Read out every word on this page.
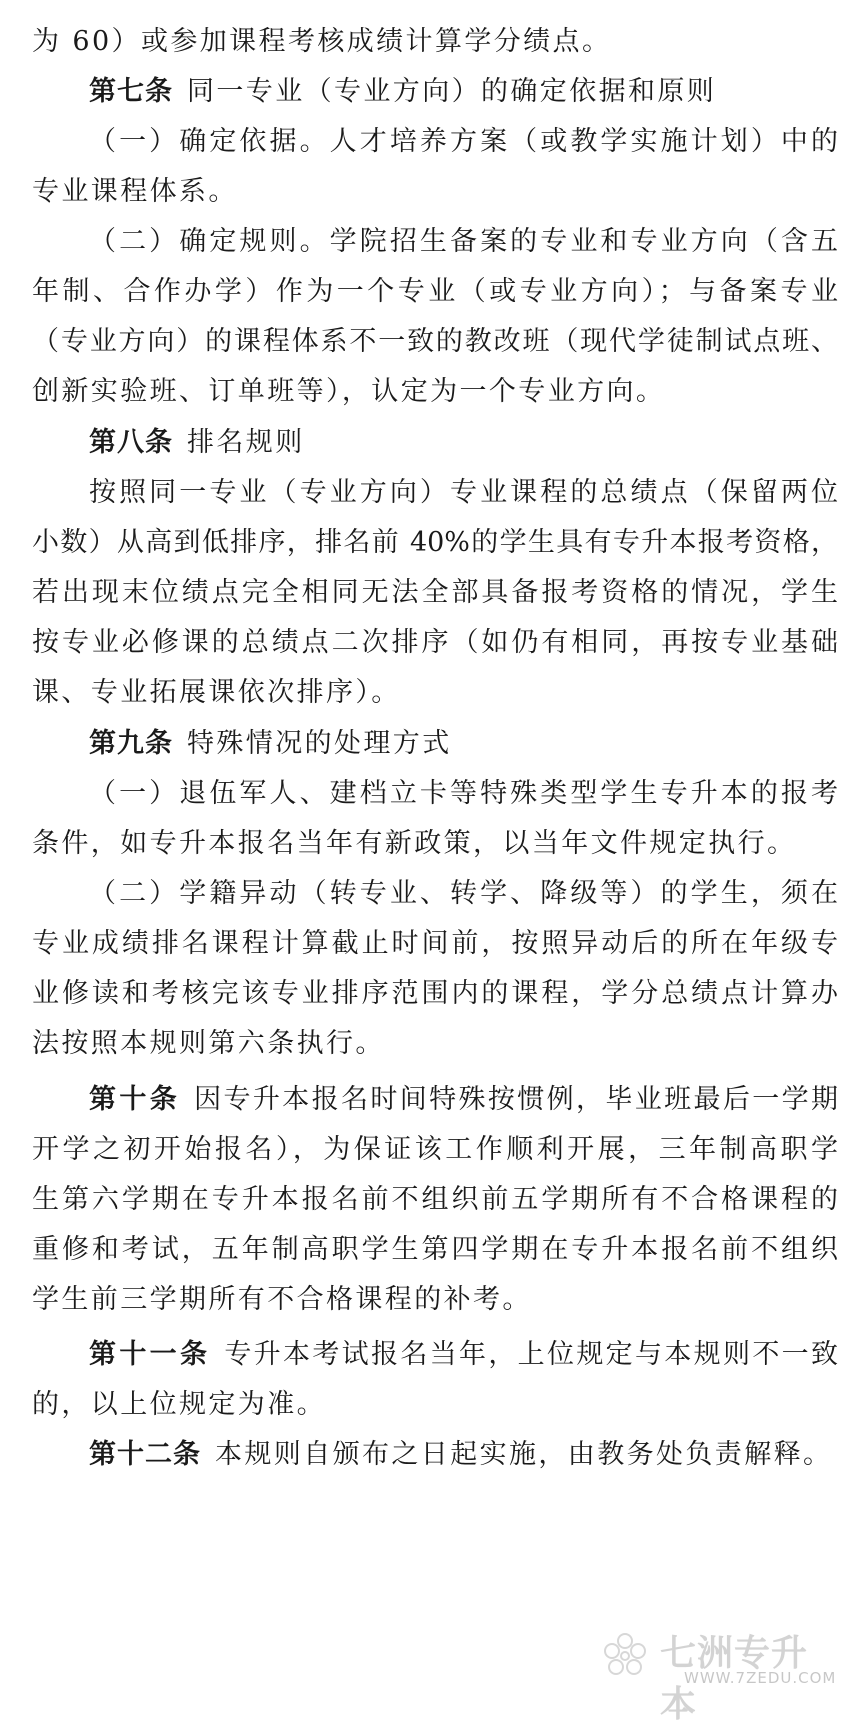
为 60）或参加课程考核成绩计算学分绩点。
第七条 同一专业（专业方向）的确定依据和原则
（一）确定依据。人才培养方案（或教学实施计划）中的
专业课程体系。
（二）确定规则。学院招生备案的专业和专业方向（含五
年制、合作办学）作为一个专业（或专业方向）；与备案专业
（专业方向）的课程体系不一致的教改班（现代学徒制试点班、
创新实验班、订单班等），认定为一个专业方向。
第八条 排名规则
按照同一专业（专业方向）专业课程的总绩点（保留两位
小数）从高到低排序，排名前 40%的学生具有专升本报考资格，
若出现末位绩点完全相同无法全部具备报考资格的情况，学生
按专业必修课的总绩点二次排序（如仍有相同，再按专业基础
课、专业拓展课依次排序）。
第九条 特殊情况的处理方式
（一）退伍军人、建档立卡等特殊类型学生专升本的报考
条件，如专升本报名当年有新政策，以当年文件规定执行。
（二）学籍异动（转专业、转学、降级等）的学生，须在
专业成绩排名课程计算截止时间前，按照异动后的所在年级专
业修读和考核完该专业排序范围内的课程，学分总绩点计算办
法按照本规则第六条执行。
第十条 因专升本报名时间特殊按惯例，毕业班最后一学期
开学之初开始报名），为保证该工作顺利开展，三年制高职学
生第六学期在专升本报名前不组织前五学期所有不合格课程的
重修和考试，五年制高职学生第四学期在专升本报名前不组织
学生前三学期所有不合格课程的补考。
第十一条 专升本考试报名当年，上位规定与本规则不一致
的，以上位规定为准。
第十二条 本规则自颁布之日起实施，由教务处负责解释。
七洲专升本
WWW.7ZEDU.COM
